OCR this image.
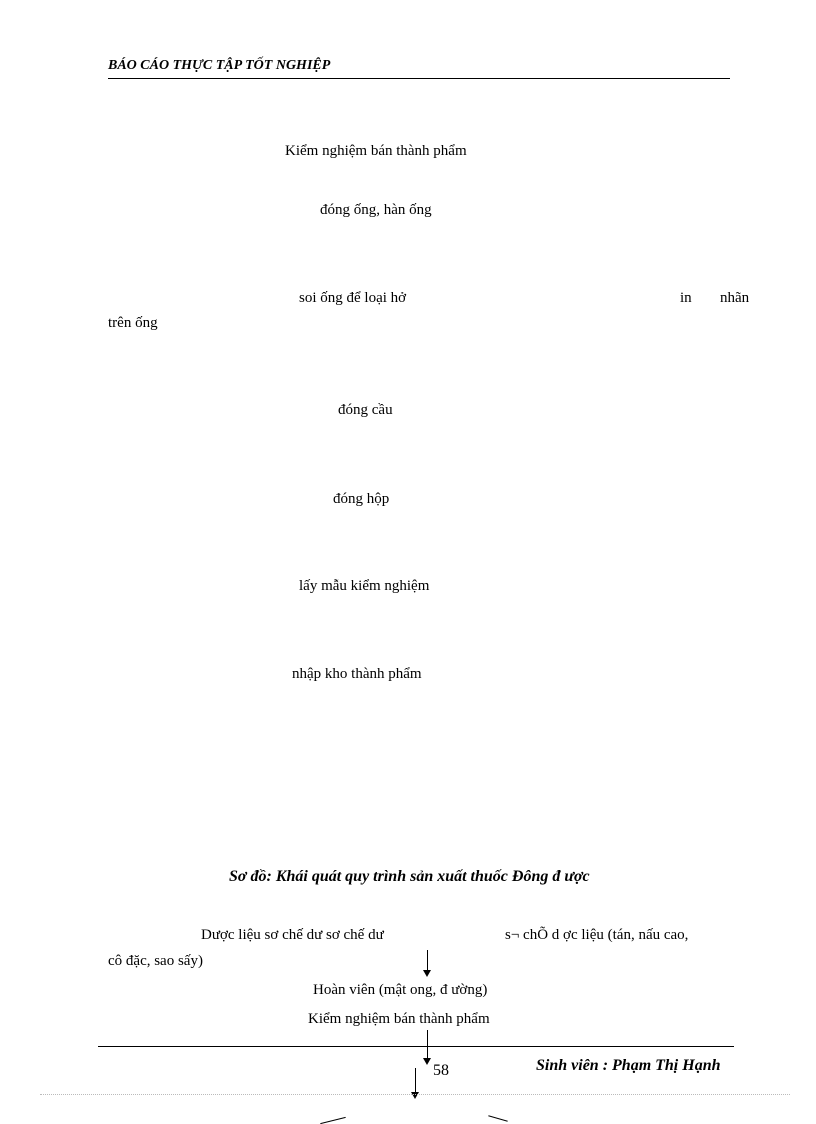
BÁO CÁO THỰC TẬP TỐT NGHIỆP
Kiểm nghiệm bán thành phẩm
đóng ống, hàn ống
soi ống để loại hở	in nhãn
trên ống
đóng cầu
đóng hộp
lấy mẫu kiểm nghiệm
nhập kho thành phẩm
Sơ đồ: Khái quát quy trình sản xuất thuốc Đông đ ược
Dược liệu sơ chế dư sơ chế dư	s¬ chÕ d ợc liệu (tán, nấu cao,
cô đặc, sao sấy)
Hoàn viên (mật ong, đ ường)
Kiểm nghiệm bán thành phẩm
58	Sinh viên : Phạm Thị Hạnh
